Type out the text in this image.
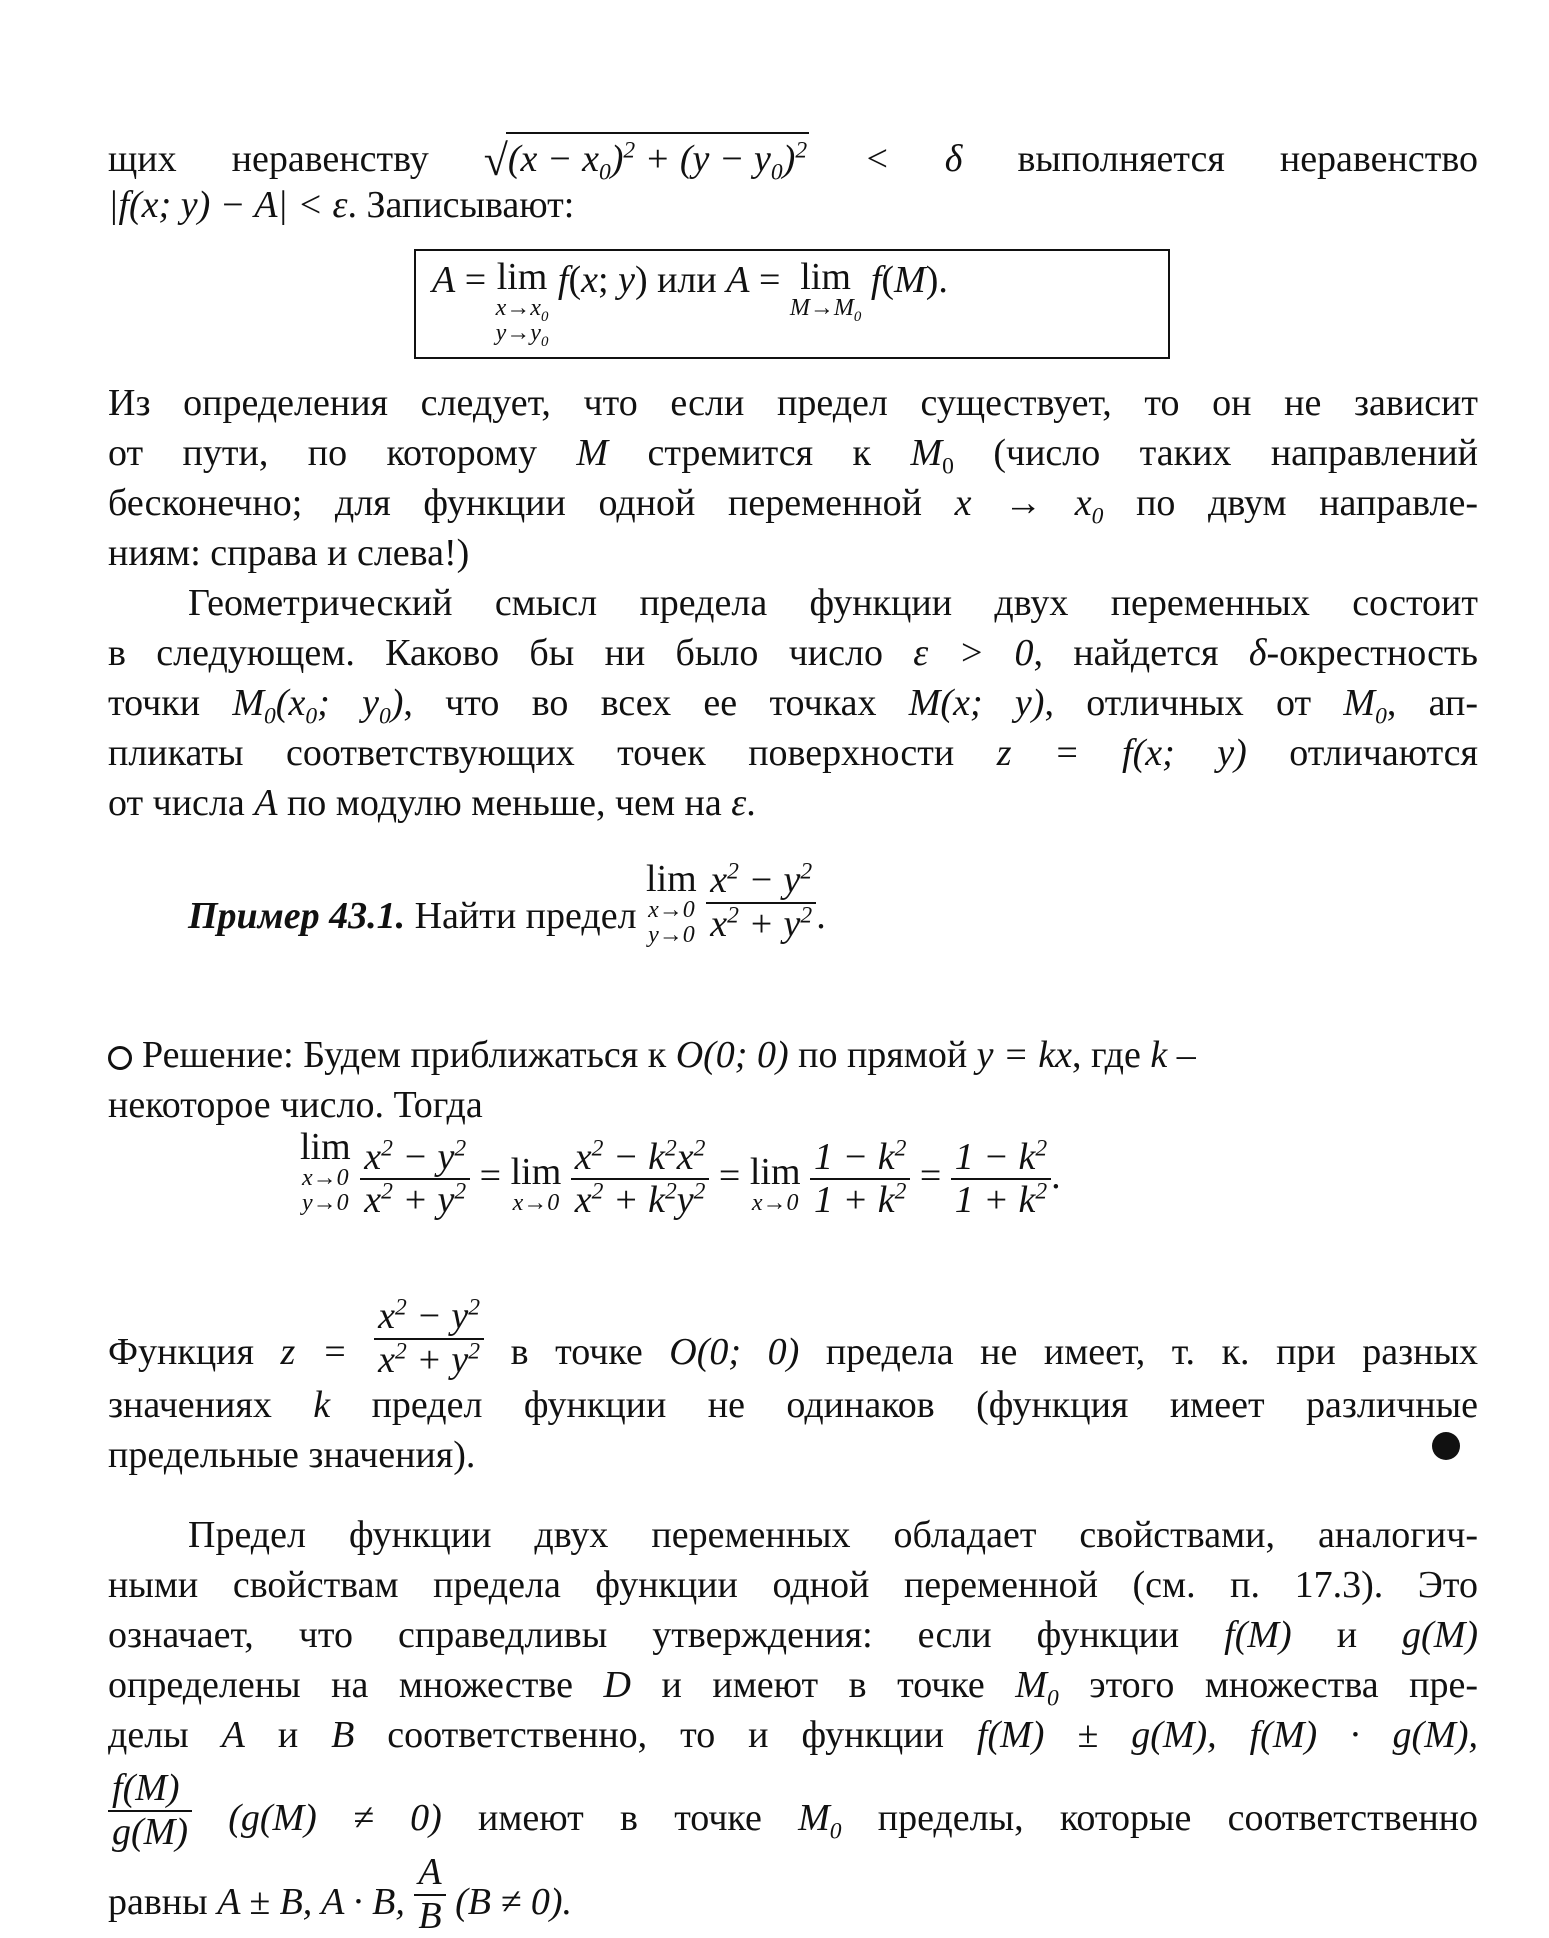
щих неравенству $√(x - x_0)^2 + (y - y_0)^2 < \delta$ выполняется неравенство
|f(x; y) − A| < ε. Записывают:
A = lim
$x\to x_0$
$y\to y_0$
f(x; y) или A = lim
$M\to M_0$
f(M).
Из определения следует, что если предел существует, то он не зависит
от пути, по которому M стремится к $M_0$ (число таких направлений
бесконечно; для функции одной переменной $x \to x_0$ по двум направле-
ниям: справа и слева!)
Геометрический смысл предела функции двух переменных состоит
в следующем. Каково бы ни было число ε > 0, найдется δ-окрестность
точки $M_0(x_0$; $y_0$), что во всех ее точках M(x; y), отличных от $M_0$, ап-
пликаты соответствующих точек поверхности z = f(x; y) отличаются
от числа A по модулю меньше, чем на ε.
Пример 43.1. Найти предел
lim
x→0
y→0
$\frac{x^2 - y^2}{x^2 + y^2}$ .
Решение: Будем приближаться к O(0; 0) по прямой y = kx, где k –
некоторое число. Тогда
lim
x→0
y→0
$\frac{x^2 - y^2}{x^2 + y^2} = \lim$
x→0
$\frac{x^2 - k^2x^2}{x^2 + k^2y^2} = \lim$
x→0
$\frac{1 - k^2}{1 + k^2} = \frac{1 - k^2}{1 + k^2}$ .
Функция $z = \frac{x^2 - y^2}{x^2 + y^2}$ в точке O(0; 0) предела не имеет, т. к. при разных
значениях k предел функции не одинаков (функция имеет различные
предельные значения).
Предел функции двух переменных обладает свойствами, аналогич-
ными свойствам предела функции одной переменной (см. п. 17.3). Это
означает, что справедливы утверждения: если функции f(M) и g(M)
определены на множестве D и имеют в точке $M_0$ этого множества пре-
делы A и B соответственно, то и функции f(M) ± g(M), f(M) · g(M),
$\frac{f(M)}{g(M)} (g(M) \ne 0)$ имеют в точке $M_0$ пределы, которые соответственно
равны A ± B, A · B, $\frac{A}{B} (B \ne 0)$.
